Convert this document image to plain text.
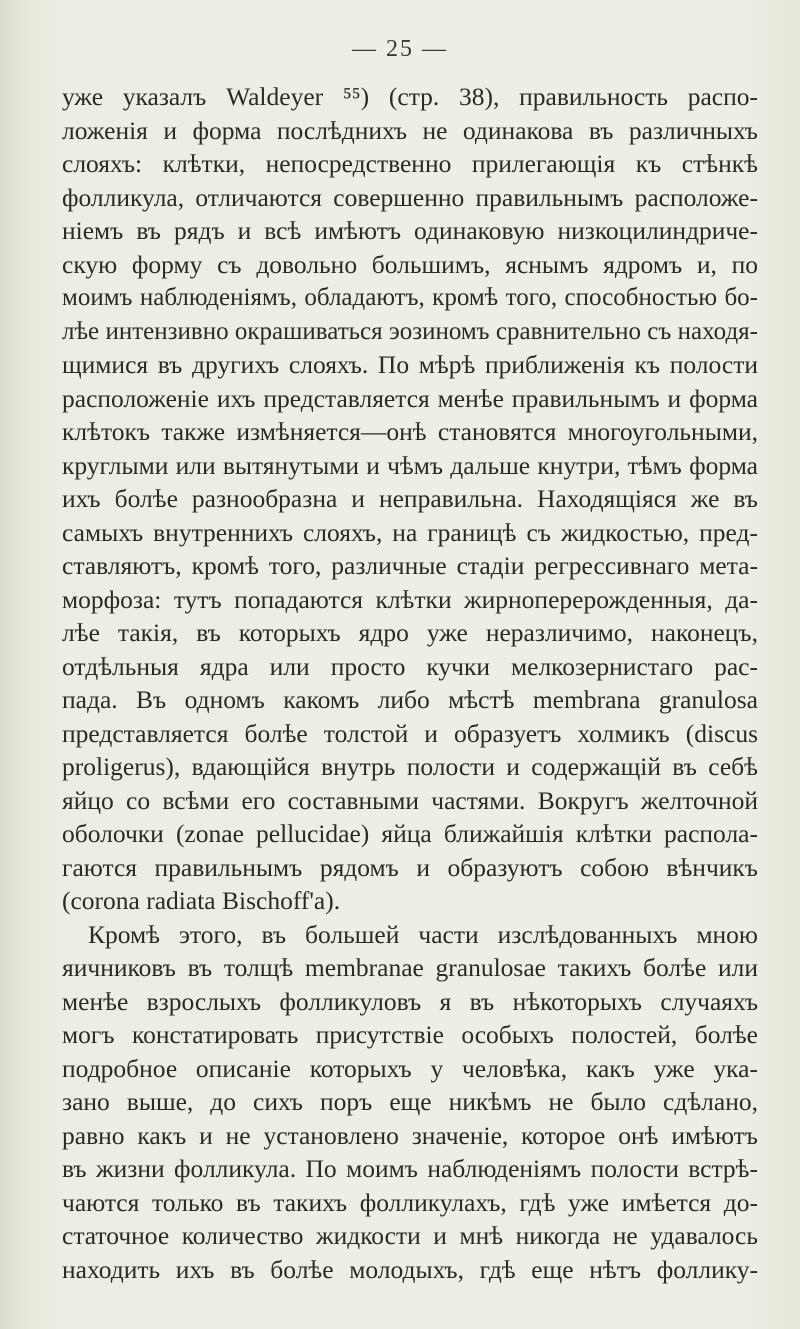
— 25 —
уже указалъ Waldeyer ⁵⁵) (стр. 38), правильность распо-
ложенія и форма послѣднихъ не одинакова въ различныхъ
слояхъ: клѣтки, непосредственно прилегающія къ стѣнкѣ
фолликула, отличаются совершенно правильнымъ расположе-
ніемъ въ рядъ и всѣ имѣютъ одинаковую низкоцилиндриче-
скую форму съ довольно большимъ, яснымъ ядромъ и, по
моимъ наблюденіямъ, обладаютъ, кромѣ того, способностью бо-
лѣе интензивно окрашиваться эозиномъ сравнительно съ находя-
щимися въ другихъ слояхъ. По мѣрѣ приближенія къ полости
расположеніе ихъ представляется менѣе правильнымъ и форма
клѣтокъ также измѣняется—онѣ становятся многоугольными,
круглыми или вытянутыми и чѣмъ дальше кнутри, тѣмъ форма
ихъ болѣе разнообразна и неправильна. Находящіяся же въ
самыхъ внутреннихъ слояхъ, на границѣ съ жидкостью, пред-
ставляютъ, кромѣ того, различные стадіи регрессивнаго мета-
морфоза: тутъ попадаются клѣтки жирноперерожденныя, да-
лѣе такія, въ которыхъ ядро уже неразличимо, наконецъ,
отдѣльныя ядра или просто кучки мелкозернистаго рас-
пада. Въ одномъ какомъ либо мѣстѣ membrana granulosa
представляется болѣе толстой и образуетъ холмикъ (discus
proligerus), вдающійся внутрь полости и содержащій въ себѣ
яйцо со всѣми его составными частями. Вокругъ желточной
оболочки (zonae pellucidae) яйца ближайшія клѣтки распола-
гаются правильнымъ рядомъ и образуютъ собою вѣнчикъ
(corona radiata Bischoff'а).
Кромѣ этого, въ большей части изслѣдованныхъ мною
яичниковъ въ толщѣ membranae granulosae такихъ болѣе или
менѣе взрослыхъ фолликуловъ я въ нѣкоторыхъ случаяхъ
могъ констатировать присутствіе особыхъ полостей, болѣе
подробное описаніе которыхъ у человѣка, какъ уже ука-
зано выше, до сихъ поръ еще никѣмъ не было сдѣлано,
равно какъ и не установлено значеніе, которое онѣ имѣютъ
въ жизни фолликула. По моимъ наблюденіямъ полости встрѣ-
чаются только въ такихъ фолликулахъ, гдѣ уже имѣется до-
статочное количество жидкости и мнѣ никогда не удавалось
находить ихъ въ болѣе молодыхъ, гдѣ еще нѣтъ фоллику-
